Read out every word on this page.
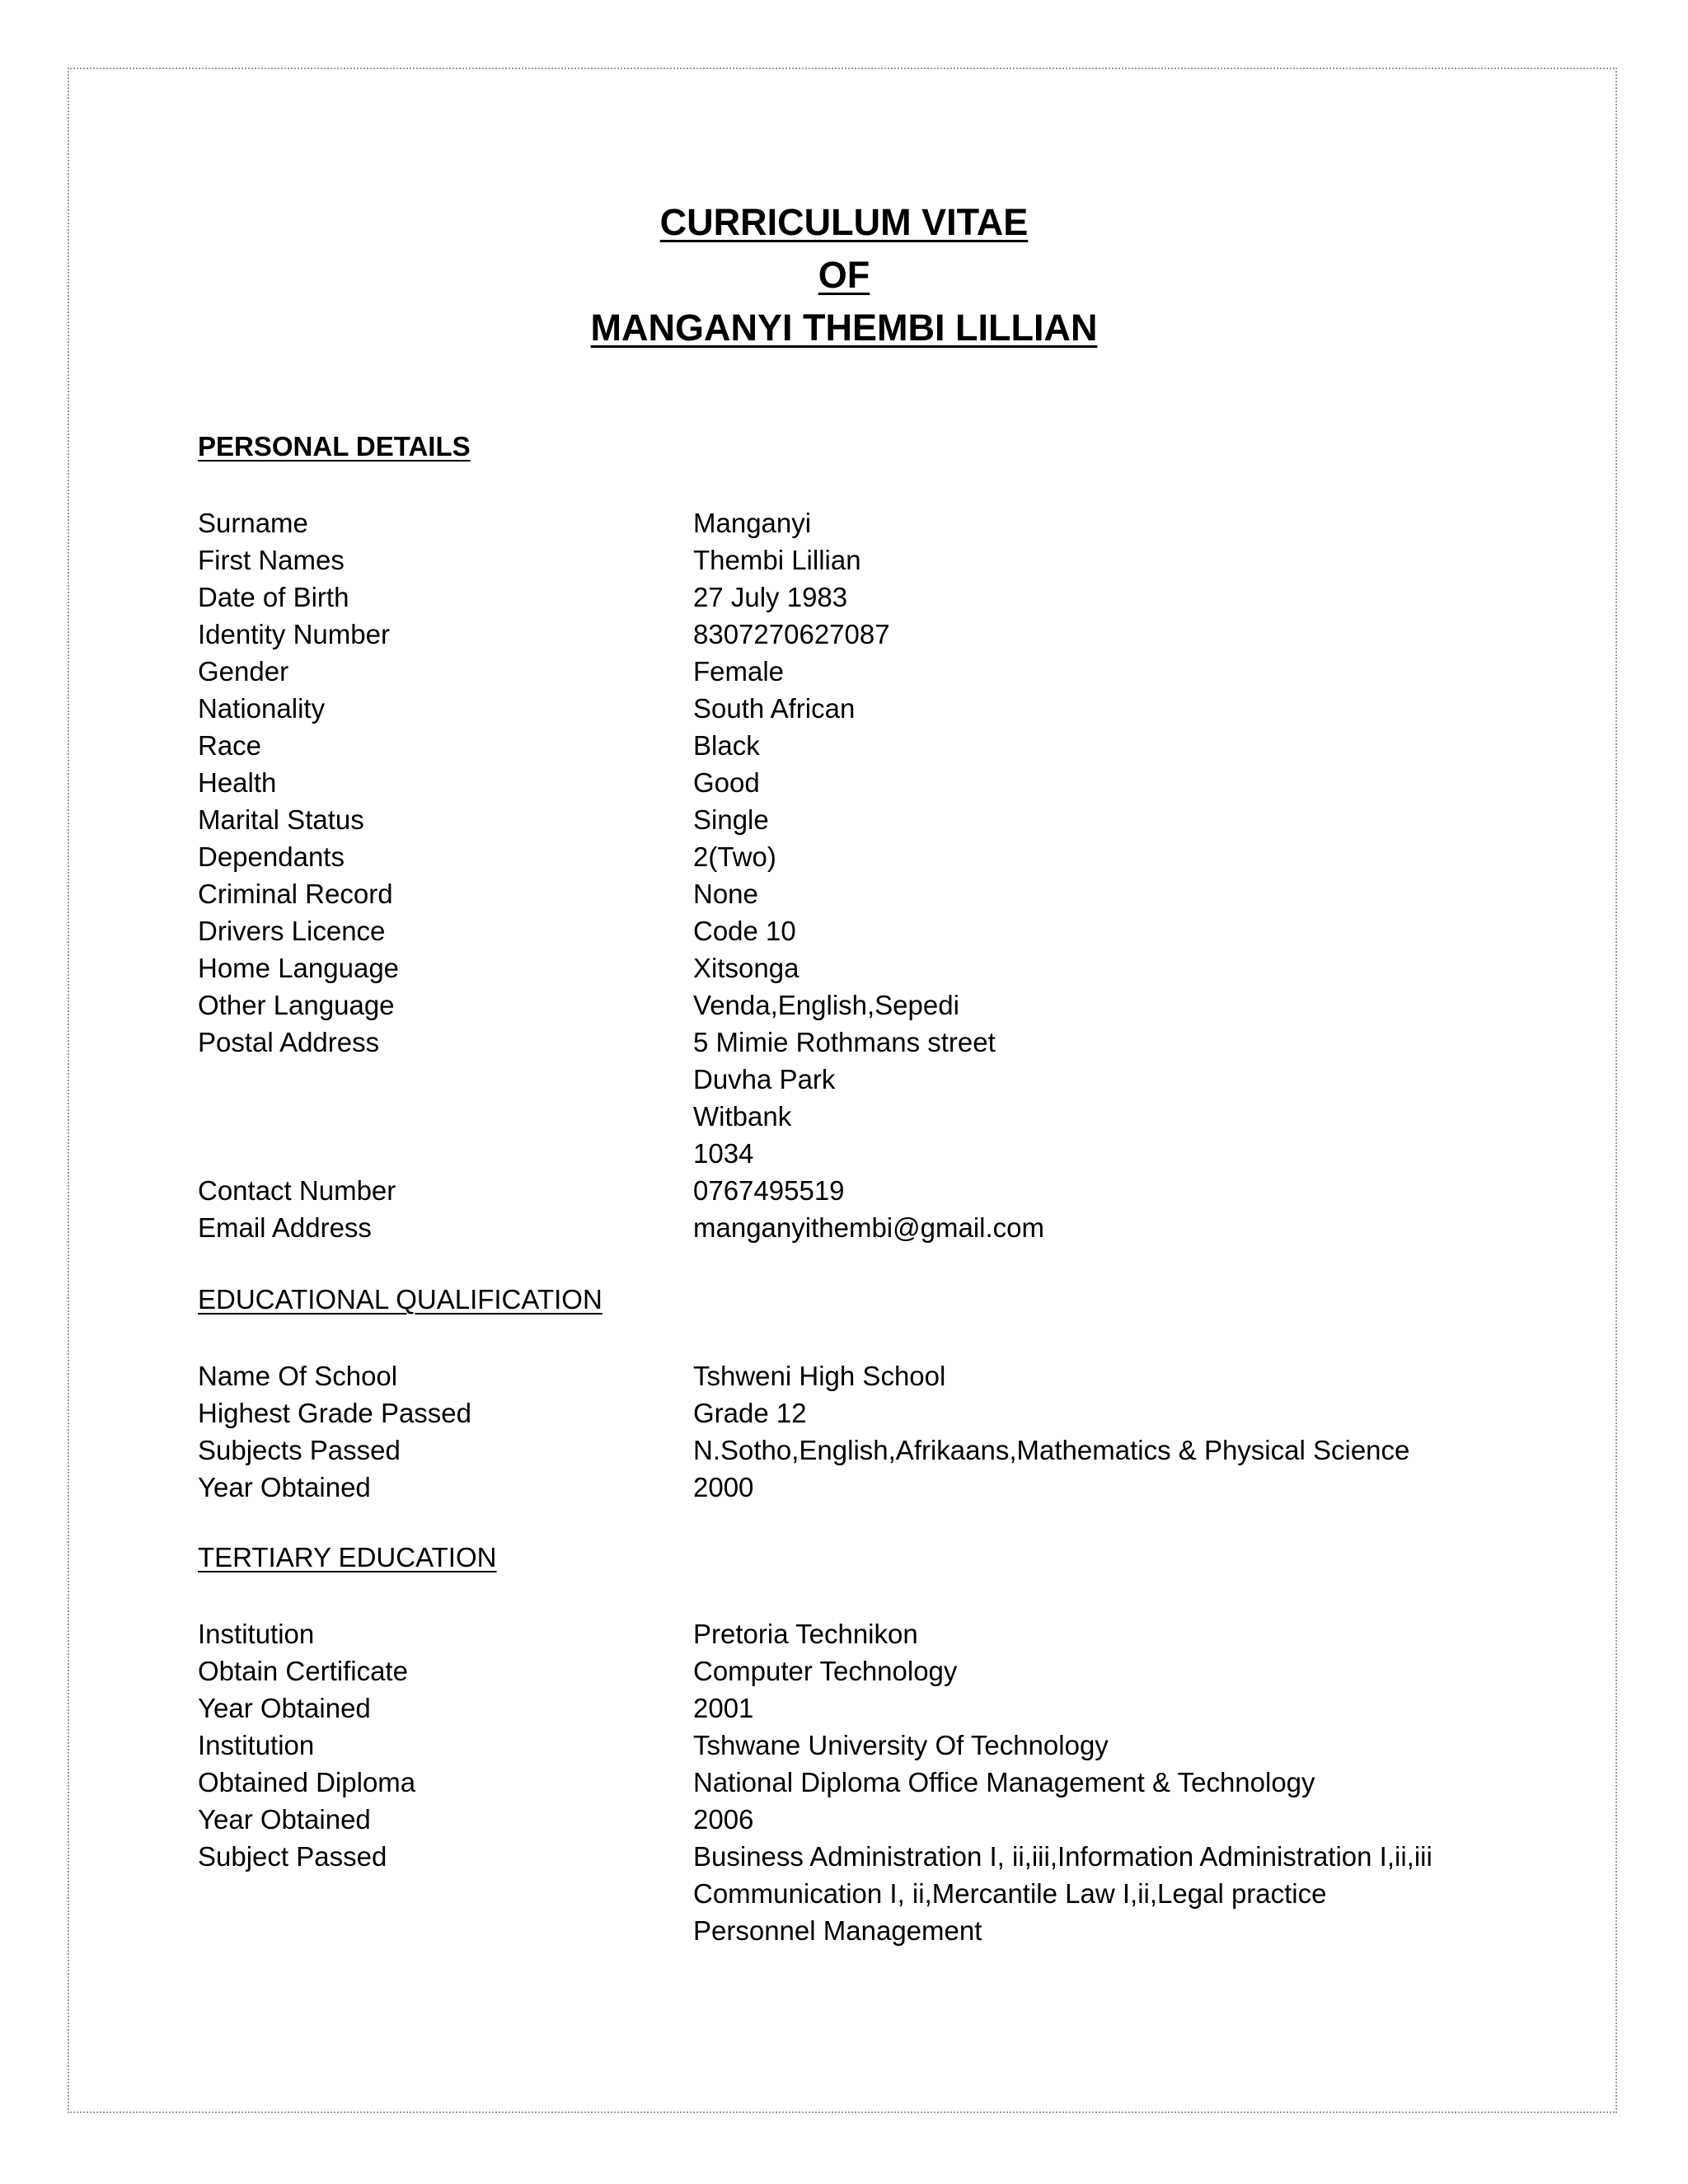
CURRICULUM VITAE
OF
MANGANYI THEMBI LILLIAN
PERSONAL DETAILS
Surname	Manganyi
First Names	Thembi Lillian
Date of Birth	27 July 1983
Identity Number	8307270627087
Gender	Female
Nationality	South African
Race	Black
Health	Good
Marital Status	Single
Dependants	2(Two)
Criminal Record	None
Drivers Licence	Code 10
Home Language	Xitsonga
Other Language	Venda,English,Sepedi
Postal Address	5 Mimie Rothmans street
Duvha Park
Witbank
1034
Contact Number	0767495519
Email Address	manganyithembi@gmail.com
EDUCATIONAL QUALIFICATION
Name Of School	Tshweni High School
Highest Grade Passed	Grade 12
Subjects Passed	N.Sotho,English,Afrikaans,Mathematics & Physical Science
Year Obtained	2000
TERTIARY EDUCATION
Institution	Pretoria Technikon
Obtain Certificate	Computer Technology
Year Obtained	2001
Institution	Tshwane University Of Technology
Obtained Diploma	National Diploma Office Management & Technology
Year Obtained	2006
Subject Passed	Business Administration I, ii,iii,Information Administration I,ii,iii
Communication I, ii,Mercantile Law I,ii,Legal practice
Personnel Management
